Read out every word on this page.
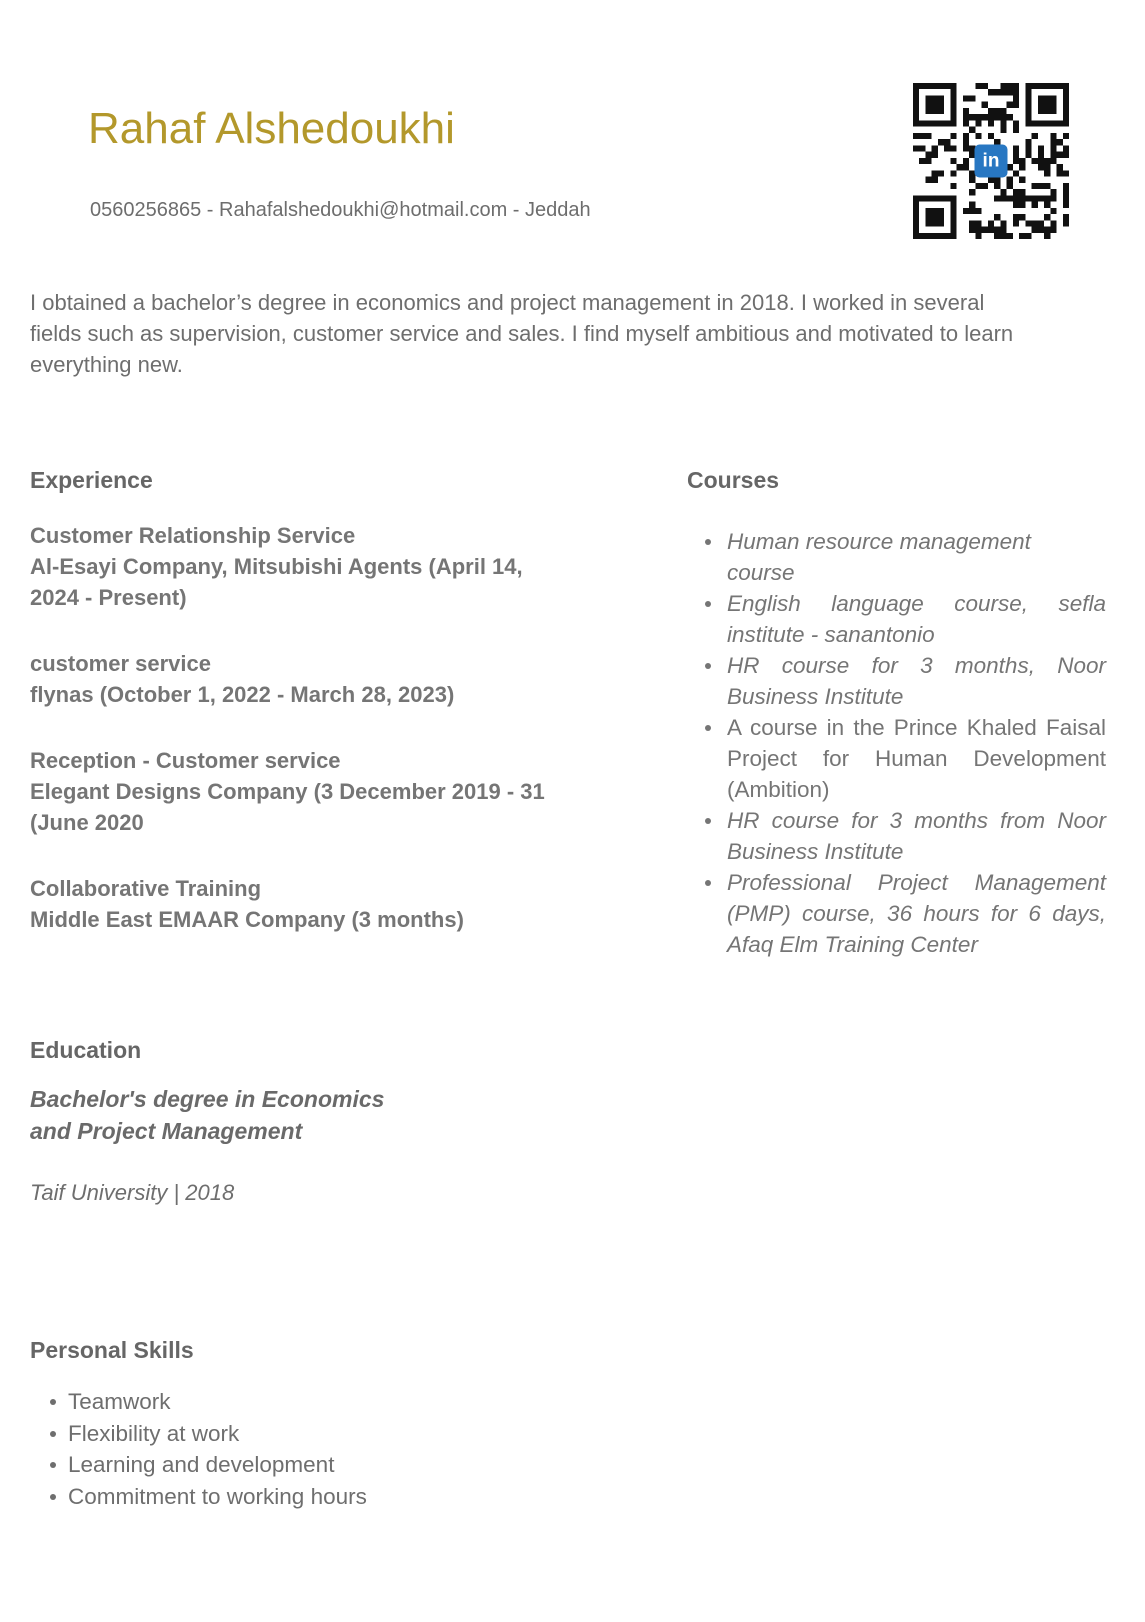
Rahaf Alshedoukhi
0560256865 - Rahafalshedoukhi@hotmail.com - Jeddah
in
I obtained a bachelor’s degree in economics and project management in 2018. I worked in several
fields such as supervision, customer service and sales. I find myself ambitious and motivated to learn
everything new.
Experience
Customer Relationship Service
Al-Esayi Company, Mitsubishi Agents (April 14,
2024 - Present)
customer service
flynas (October 1, 2022 - March 28, 2023)
Reception - Customer service
Elegant Designs Company (3 December 2019 - 31
(June 2020
Collaborative Training
Middle East EMAAR Company (3 months)
Courses
Human resource management
course
English language course, sefla
institute - sanantonio
HR course for 3 months, Noor
Business Institute
A course in the Prince Khaled Faisal
Project for Human Development
(Ambition)
HR course for 3 months from Noor
Business Institute
Professional Project Management
(PMP) course, 36 hours for 6 days,
Afaq Elm Training Center
Education
Bachelor's degree in Economics
and Project Management
Taif University | 2018
Personal Skills
Teamwork
Flexibility at work
Learning and development
Commitment to working hours
